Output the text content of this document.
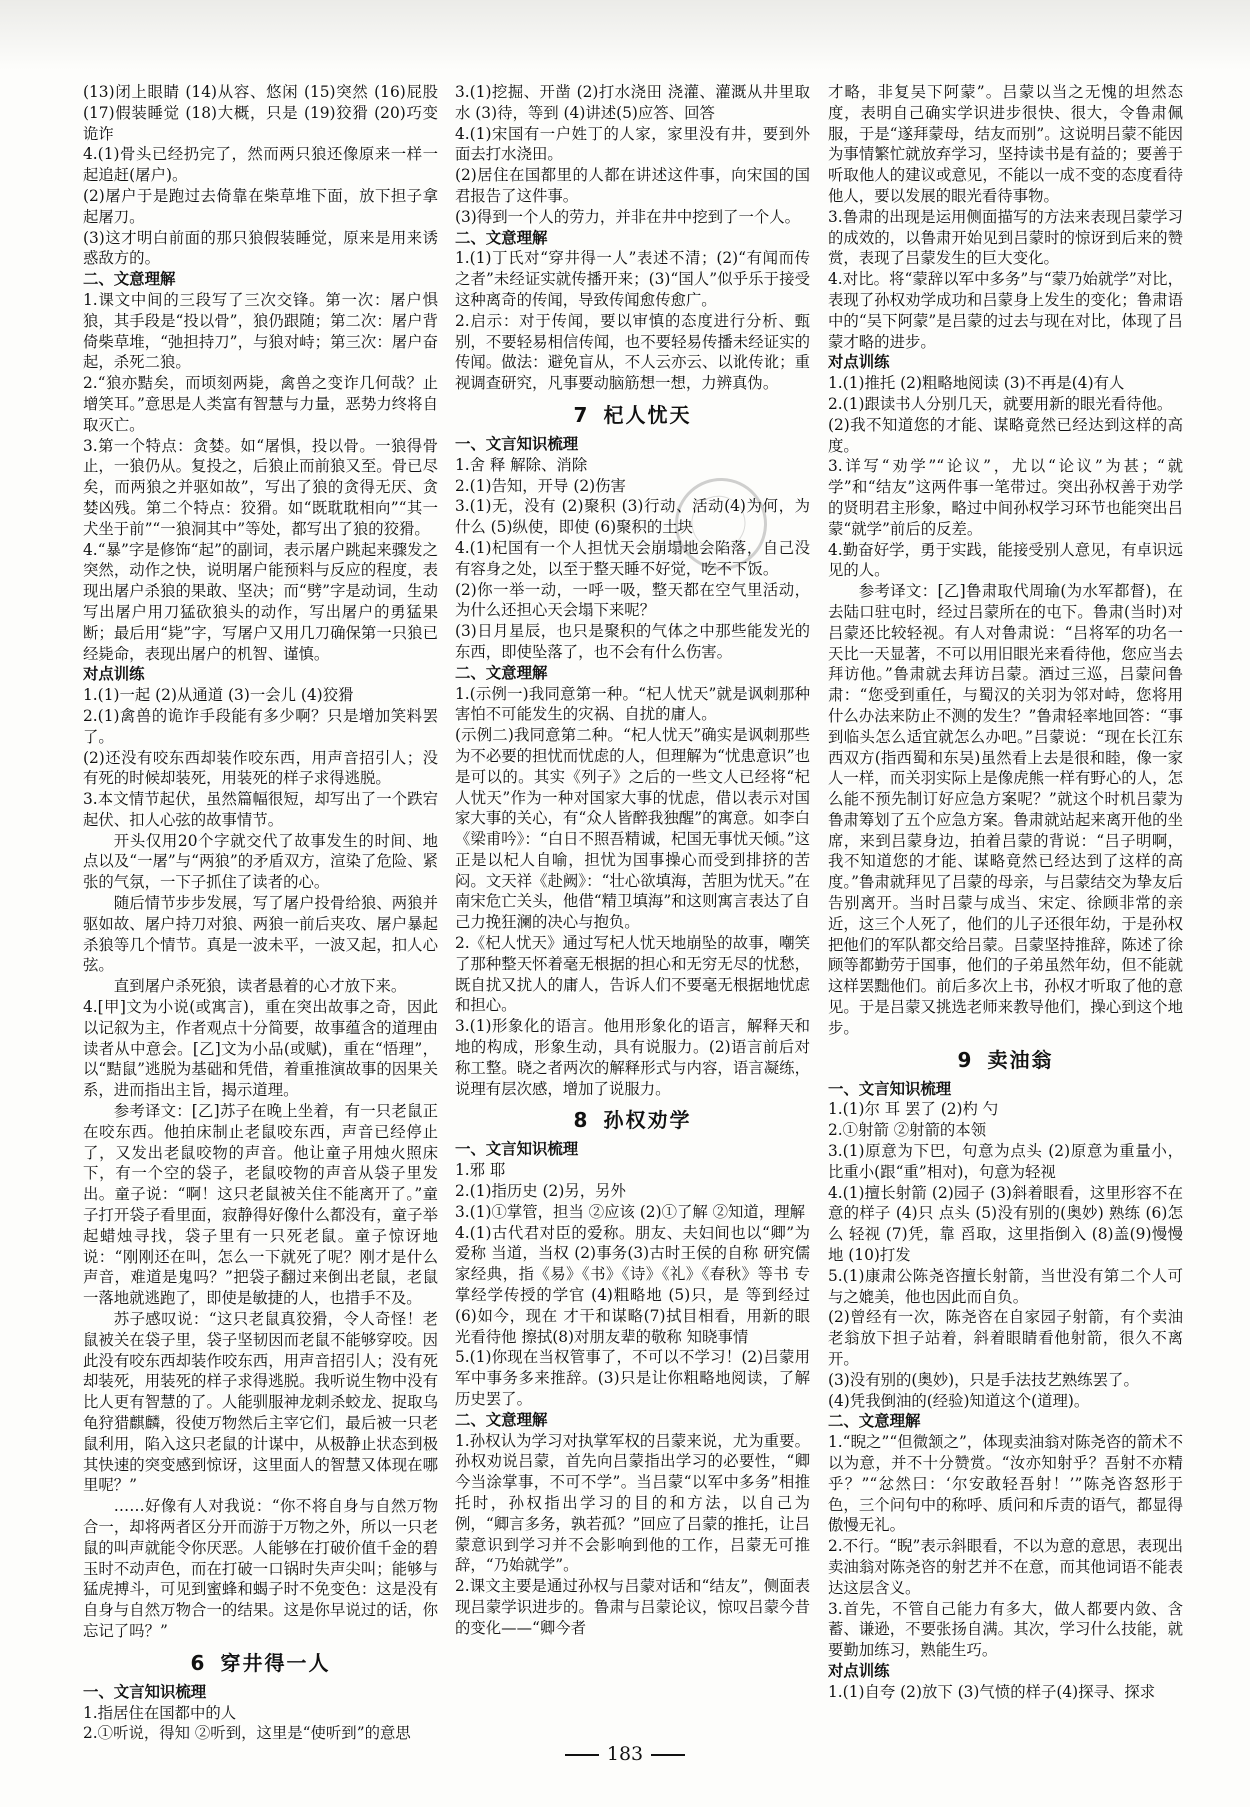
(13)闭上眼睛 (14)从容、悠闲 (15)突然 (16)屁股 (17)假装睡觉 (18)大概，只是 (19)狡猾 (20)巧变诡诈
4.(1)骨头已经扔完了，然而两只狼还像原来一样一起追赶(屠户)。
(2)屠户于是跑过去倚靠在柴草堆下面，放下担子拿起屠刀。
(3)这才明白前面的那只狼假装睡觉，原来是用来诱惑敌方的。
二、文意理解
1.课文中间的三段写了三次交锋。第一次：屠户惧狼，其手段是“投以骨”，狼仍跟随；第二次：屠户背倚柴草堆，“弛担持刀”，与狼对峙；第三次：屠户奋起，杀死二狼。
2.“狼亦黠矣，而顷刻两毙，禽兽之变诈几何哉？止增笑耳。”意思是人类富有智慧与力量，恶势力终将自取灭亡。
3.第一个特点：贪婪。如“屠惧，投以骨。一狼得骨止，一狼仍从。复投之，后狼止而前狼又至。骨已尽矣，而两狼之并驱如故”，写出了狼的贪得无厌、贪婪凶残。第二个特点：狡猾。如“既耽耽相向”“其一犬坐于前”“一狼洞其中”等处，都写出了狼的狡猾。
4.“暴”字是修饰“起”的副词，表示屠户跳起来骤发之突然，动作之快，说明屠户能预料与反应的程度，表现出屠户杀狼的果敢、坚决；而“劈”字是动词，生动写出屠户用刀猛砍狼头的动作，写出屠户的勇猛果断；最后用“毙”字，写屠户又用几刀确保第一只狼已经毙命，表现出屠户的机智、谨慎。
对点训练
1.(1)一起 (2)从通道 (3)一会儿 (4)狡猾
2.(1)禽兽的诡诈手段能有多少啊？只是增加笑料罢了。
(2)还没有咬东西却装作咬东西，用声音招引人；没有死的时候却装死，用装死的样子求得逃脱。
3.本文情节起伏，虽然篇幅很短，却写出了一个跌宕起伏、扣人心弦的故事情节。
开头仅用20个字就交代了故事发生的时间、地点以及“一屠”与“两狼”的矛盾双方，渲染了危险、紧张的气氛，一下子抓住了读者的心。
随后情节步步发展，写了屠户投骨给狼、两狼并驱如故、屠户持刀对狼、两狼一前后夹攻、屠户暴起杀狼等几个情节。真是一波未平，一波又起，扣人心弦。
直到屠户杀死狼，读者悬着的心才放下来。
4.[甲]文为小说(或寓言)，重在突出故事之奇，因此以记叙为主，作者观点十分简要，故事蕴含的道理由读者从中意会。[乙]文为小品(或赋)，重在“悟理”，以“黠鼠”逃脱为基础和凭借，着重推演故事的因果关系，进而指出主旨，揭示道理。
参考译文：[乙]苏子在晚上坐着，有一只老鼠正在咬东西。他拍床制止老鼠咬东西，声音已经停止了，又发出老鼠咬物的声音。他让童子用烛火照床下，有一个空的袋子，老鼠咬物的声音从袋子里发出。童子说：“啊！这只老鼠被关住不能离开了。”童子打开袋子看里面，寂静得好像什么都没有，童子举起蜡烛寻找，袋子里有一只死老鼠。童子惊讶地说：“刚刚还在叫，怎么一下就死了呢？刚才是什么声音，难道是鬼吗？”把袋子翻过来倒出老鼠，老鼠一落地就逃跑了，即使是敏捷的人，也措手不及。
苏子感叹说：“这只老鼠真狡猾，令人奇怪！老鼠被关在袋子里，袋子坚韧因而老鼠不能够穿咬。因此没有咬东西却装作咬东西，用声音招引人；没有死却装死，用装死的样子求得逃脱。我听说生物中没有比人更有智慧的了。人能驯服神龙刺杀蛟龙、捉取乌龟狩猎麒麟，役使万物然后主宰它们，最后被一只老鼠利用，陷入这只老鼠的计谋中，从极静止状态到极其快速的突变感到惊讶，这里面人的智慧又体现在哪里呢？”
……好像有人对我说：“你不将自身与自然万物合一，却将两者区分开而游于万物之外，所以一只老鼠的叫声就能令你厌恶。人能够在打破价值千金的碧玉时不动声色，而在打破一口锅时失声尖叫；能够与猛虎搏斗，可见到蜜蜂和蝎子时不免变色：这是没有自身与自然万物合一的结果。这是你早说过的话，你忘记了吗？”
6 穿井得一人
一、文言知识梳理
1.指居住在国都中的人
2.①听说，得知 ②听到，这里是“使听到”的意思
3.(1)挖掘、开凿 (2)打水浇田 浇灌、灌溉从井里取水 (3)待，等到 (4)讲述(5)应答、回答
4.(1)宋国有一户姓丁的人家，家里没有井，要到外面去打水浇田。
(2)居住在国都里的人都在讲述这件事，向宋国的国君报告了这件事。
(3)得到一个人的劳力，并非在井中挖到了一个人。
二、文意理解
1.(1)丁氏对“穿井得一人”表述不清；(2)“有闻而传之者”未经证实就传播开来；(3)“国人”似乎乐于接受这种离奇的传闻，导致传闻愈传愈广。
2.启示：对于传闻，要以审慎的态度进行分析、甄别，不要轻易相信传闻，也不要轻易传播未经证实的传闻。做法：避免盲从，不人云亦云、以讹传讹；重视调查研究，凡事要动脑筋想一想，力辨真伪。
7 杞人忧天
一、文言知识梳理
1.舍 释 解除、消除
2.(1)告知，开导 (2)伤害
3.(1)无，没有 (2)聚积 (3)行动、活动(4)为何，为什么 (5)纵使，即使 (6)聚积的土块
4.(1)杞国有一个人担忧天会崩塌地会陷落，自己没有容身之处，以至于整天睡不好觉，吃不下饭。
(2)你一举一动，一呼一吸，整天都在空气里活动，为什么还担心天会塌下来呢？
(3)日月星辰，也只是聚积的气体之中那些能发光的东西，即使坠落了，也不会有什么伤害。
二、文意理解
1.(示例一)我同意第一种。“杞人忧天”就是讽刺那种害怕不可能发生的灾祸、自扰的庸人。
(示例二)我同意第二种。“杞人忧天”确实是讽刺那些为不必要的担忧而忧虑的人，但理解为“忧患意识”也是可以的。其实《列子》之后的一些文人已经将“杞人忧天”作为一种对国家大事的忧虑，借以表示对国家大事的关心，有“众人皆醉我独醒”的寓意。如李白《梁甫吟》：“白日不照吾精诚，杞国无事忧天倾。”这正是以杞人自喻，担忧为国事操心而受到排挤的苦闷。文天祥《赴阙》：“壮心欲填海，苦胆为忧天。”在南宋危亡关头，他借“精卫填海”和这则寓言表达了自己力挽狂澜的决心与抱负。
2.《杞人忧天》通过写杞人忧天地崩坠的故事，嘲笑了那种整天怀着毫无根据的担心和无穷无尽的忧愁，既自扰又扰人的庸人，告诉人们不要毫无根据地忧虑和担心。
3.(1)形象化的语言。他用形象化的语言，解释天和地的构成，形象生动，具有说服力。(2)语言前后对称工整。晓之者两次的解释形式与内容，语言凝练，说理有层次感，增加了说服力。
8 孙权劝学
一、文言知识梳理
1.邪 耶
2.(1)指历史 (2)另，另外
3.(1)①掌管，担当 ②应该 (2)①了解 ②知道，理解
4.(1)古代君对臣的爱称。朋友、夫妇间也以“卿”为爱称 当道，当权 (2)事务(3)古时王侯的自称 研究儒家经典，指《易》《书》《诗》《礼》《春秋》等书 专掌经学传授的学官 (4)粗略地 (5)只，是 等到经过 (6)如今，现在 才干和谋略(7)拭目相看，用新的眼光看待他 擦拭(8)对朋友辈的敬称 知晓事情
5.(1)你现在当权管事了，不可以不学习！(2)吕蒙用军中事务多来推辞。(3)只是让你粗略地阅读，了解历史罢了。
二、文意理解
1.孙权认为学习对执掌军权的吕蒙来说，尤为重要。孙权劝说吕蒙，首先向吕蒙指出学习的必要性，“卿今当涂掌事，不可不学”。当吕蒙“以军中多务”相推托时，孙权指出学习的目的和方法，以自己为例，“卿言多务，孰若孤？”回应了吕蒙的推托，让吕蒙意识到学习并不会影响到他的工作，吕蒙无可推辞，“乃始就学”。
2.课文主要是通过孙权与吕蒙对话和“结友”，侧面表现吕蒙学识进步的。鲁肃与吕蒙论议，惊叹吕蒙今昔的变化——“卿今者
才略，非复吴下阿蒙”。吕蒙以当之无愧的坦然态度，表明自己确实学识进步很快、很大，令鲁肃佩服，于是“遂拜蒙母，结友而别”。这说明吕蒙不能因为事情繁忙就放弃学习，坚持读书是有益的；要善于听取他人的建议或意见，不能以一成不变的态度看待他人，要以发展的眼光看待事物。
3.鲁肃的出现是运用侧面描写的方法来表现吕蒙学习的成效的，以鲁肃开始见到吕蒙时的惊讶到后来的赞赏，表现了吕蒙发生的巨大变化。
4.对比。将“蒙辞以军中多务”与“蒙乃始就学”对比，表现了孙权劝学成功和吕蒙身上发生的变化；鲁肃语中的“吴下阿蒙”是吕蒙的过去与现在对比，体现了吕蒙才略的进步。
对点训练
1.(1)推托 (2)粗略地阅读 (3)不再是(4)有人
2.(1)跟读书人分别几天，就要用新的眼光看待他。
(2)我不知道您的才能、谋略竟然已经达到这样的高度。
3.详写“劝学”“论议”，尤以“论议”为甚；“就学”和“结友”这两件事一笔带过。突出孙权善于劝学的贤明君主形象，略过中间孙权学习环节也能突出吕蒙“就学”前后的反差。
4.勤奋好学，勇于实践，能接受别人意见，有卓识远见的人。
参考译文：[乙]鲁肃取代周瑜(为水军都督)，在去陆口驻屯时，经过吕蒙所在的屯下。鲁肃(当时)对吕蒙还比较轻视。有人对鲁肃说：“吕将军的功名一天比一天显著，不可以用旧眼光来看待他，您应当去拜访他。”鲁肃就去拜访吕蒙。酒过三巡，吕蒙问鲁肃：“您受到重任，与蜀汉的关羽为邻对峙，您将用什么办法来防止不测的发生？”鲁肃轻率地回答：“事到临头怎么适宜就怎么办吧。”吕蒙说：“现在长江东西双方(指西蜀和东吴)虽然看上去是很和睦，像一家人一样，而关羽实际上是像虎熊一样有野心的人，怎么能不预先制订好应急方案呢？”就这个时机吕蒙为鲁肃筹划了五个应急方案。鲁肃就站起来离开他的坐席，来到吕蒙身边，拍着吕蒙的背说：“吕子明啊，我不知道您的才能、谋略竟然已经达到了这样的高度。”鲁肃就拜见了吕蒙的母亲，与吕蒙结交为挚友后告别离开。当时吕蒙与成当、宋定、徐顾非常的亲近，这三个人死了，他们的儿子还很年幼，于是孙权把他们的军队都交给吕蒙。吕蒙坚持推辞，陈述了徐顾等都勤劳于国事，他们的子弟虽然年幼，但不能就这样罢黜他们。前后多次上书，孙权才听取了他的意见。于是吕蒙又挑选老师来教导他们，操心到这个地步。
9 卖油翁
一、文言知识梳理
1.(1)尔 耳 罢了 (2)杓 勺
2.①射箭 ②射箭的本领
3.(1)原意为下巴，句意为点头 (2)原意为重量小，比重小(跟“重”相对)，句意为轻视
4.(1)擅长射箭 (2)园子 (3)斜着眼看，这里形容不在意的样子 (4)只 点头 (5)没有别的(奥妙) 熟练 (6)怎么 轻视 (7)凭，靠 舀取，这里指倒入 (8)盖(9)慢慢地 (10)打发
5.(1)康肃公陈尧咨擅长射箭，当世没有第二个人可与之媲美，他也因此而自负。
(2)曾经有一次，陈尧咨在自家园子射箭，有个卖油老翁放下担子站着，斜着眼睛看他射箭，很久不离开。
(3)没有别的(奥妙)，只是手法技艺熟练罢了。
(4)凭我倒油的(经验)知道这个(道理)。
二、文意理解
1.“睨之”“但微颔之”，体现卖油翁对陈尧咨的箭术不以为意，并不十分赞赏。“汝亦知射乎？吾射不亦精乎？”“忿然曰：‘尔安敢轻吾射！’”陈尧咨怒形于色，三个问句中的称呼、质问和斥责的语气，都显得傲慢无礼。
2.不行。“睨”表示斜眼看，不以为意的意思，表现出卖油翁对陈尧咨的射艺并不在意，而其他词语不能表达这层含义。
3.首先，不管自己能力有多大，做人都要内敛、含蓄、谦逊，不要张扬自满。其次，学习什么技能，就要勤加练习，熟能生巧。
对点训练
1.(1)自夸 (2)放下 (3)气愤的样子(4)探寻、探求
183
